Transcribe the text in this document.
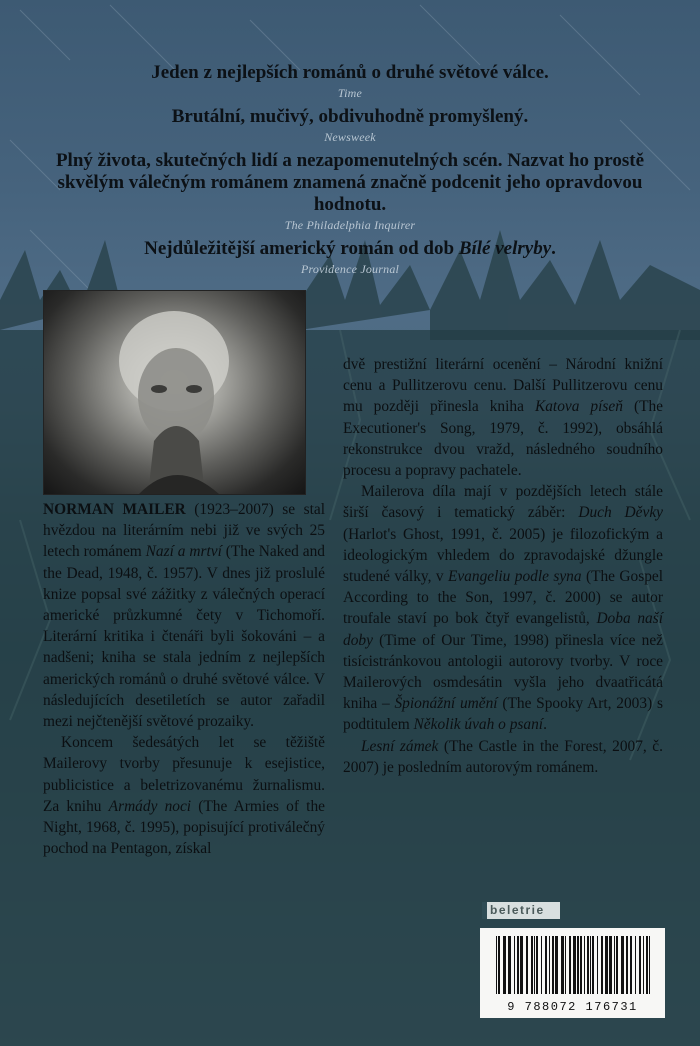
Jeden z nejlepších románů o druhé světové válce.
Time
Brutální, mučivý, obdivuhodně promyšlený.
Newsweek
Plný života, skutečných lidí a nezapomenutelných scén. Nazvat ho prostě skvělým válečným románem znamená značně podcenit jeho opravdovou hodnotu.
The Philadelphia Inquirer
Nejdůležitější americký román od dob Bílé velryby.
Providence Journal

NORMAN MAILER (1923–2007) se stal hvězdou na literárním nebi již ve svých 25 letech románem Nazí a mrtví (The Naked and the Dead, 1948, č. 1957). V dnes již proslulé knize popsal své zážitky z válečných operací americké průzkumné čety v Tichomoří. Literární kritika i čtenáři byli šokováni – a nadšeni; kniha se stala jedním z nejlepších amerických románů o druhé světové válce. V následujících desetiletích se autor zařadil mezi nejčtenější světové prozaiky.

Koncem šedesátých let se těžiště Mailerovy tvorby přesunuje k esejistice, publicistice a beletrizovanému žurnalismu. Za knihu Armády noci (The Armies of the Night, 1968, č. 1995), popisující protiválečný pochod na Pentagon, získal

dvě prestižní literární ocenění – Národní knižní cenu a Pullitzerovu cenu. Další Pullitzerovu cenu mu později přinesla kniha Katova píseň (The Executioner's Song, 1979, č. 1992), obsáhlá rekonstrukce dvou vražd, následného soudního procesu a popravy pachatele.

Mailerova díla mají v pozdějších letech stále širší časový i tematický záběr: Duch Děvky (Harlot's Ghost, 1991, č. 2005) je filozofickým a ideologickým vhledem do zpravodajské džungle studené války, v Evangeliu podle syna (The Gospel According to the Son, 1997, č. 2000) se autor troufale staví po bok čtyř evangelistů, Doba naší doby (Time of Our Time, 1998) přinesla více než tisícistránkovou antologii autorovy tvorby. V roce Mailerových osmdesátin vyšla jeho dvaatřicátá kniha – Špionážní umění (The Spooky Art, 2003) s podtitulem Několik úvah o psaní.

Lesní zámek (The Castle in the Forest, 2007, č. 2007) je posledním autorovým románem.

beletrie
9 788072 176731
